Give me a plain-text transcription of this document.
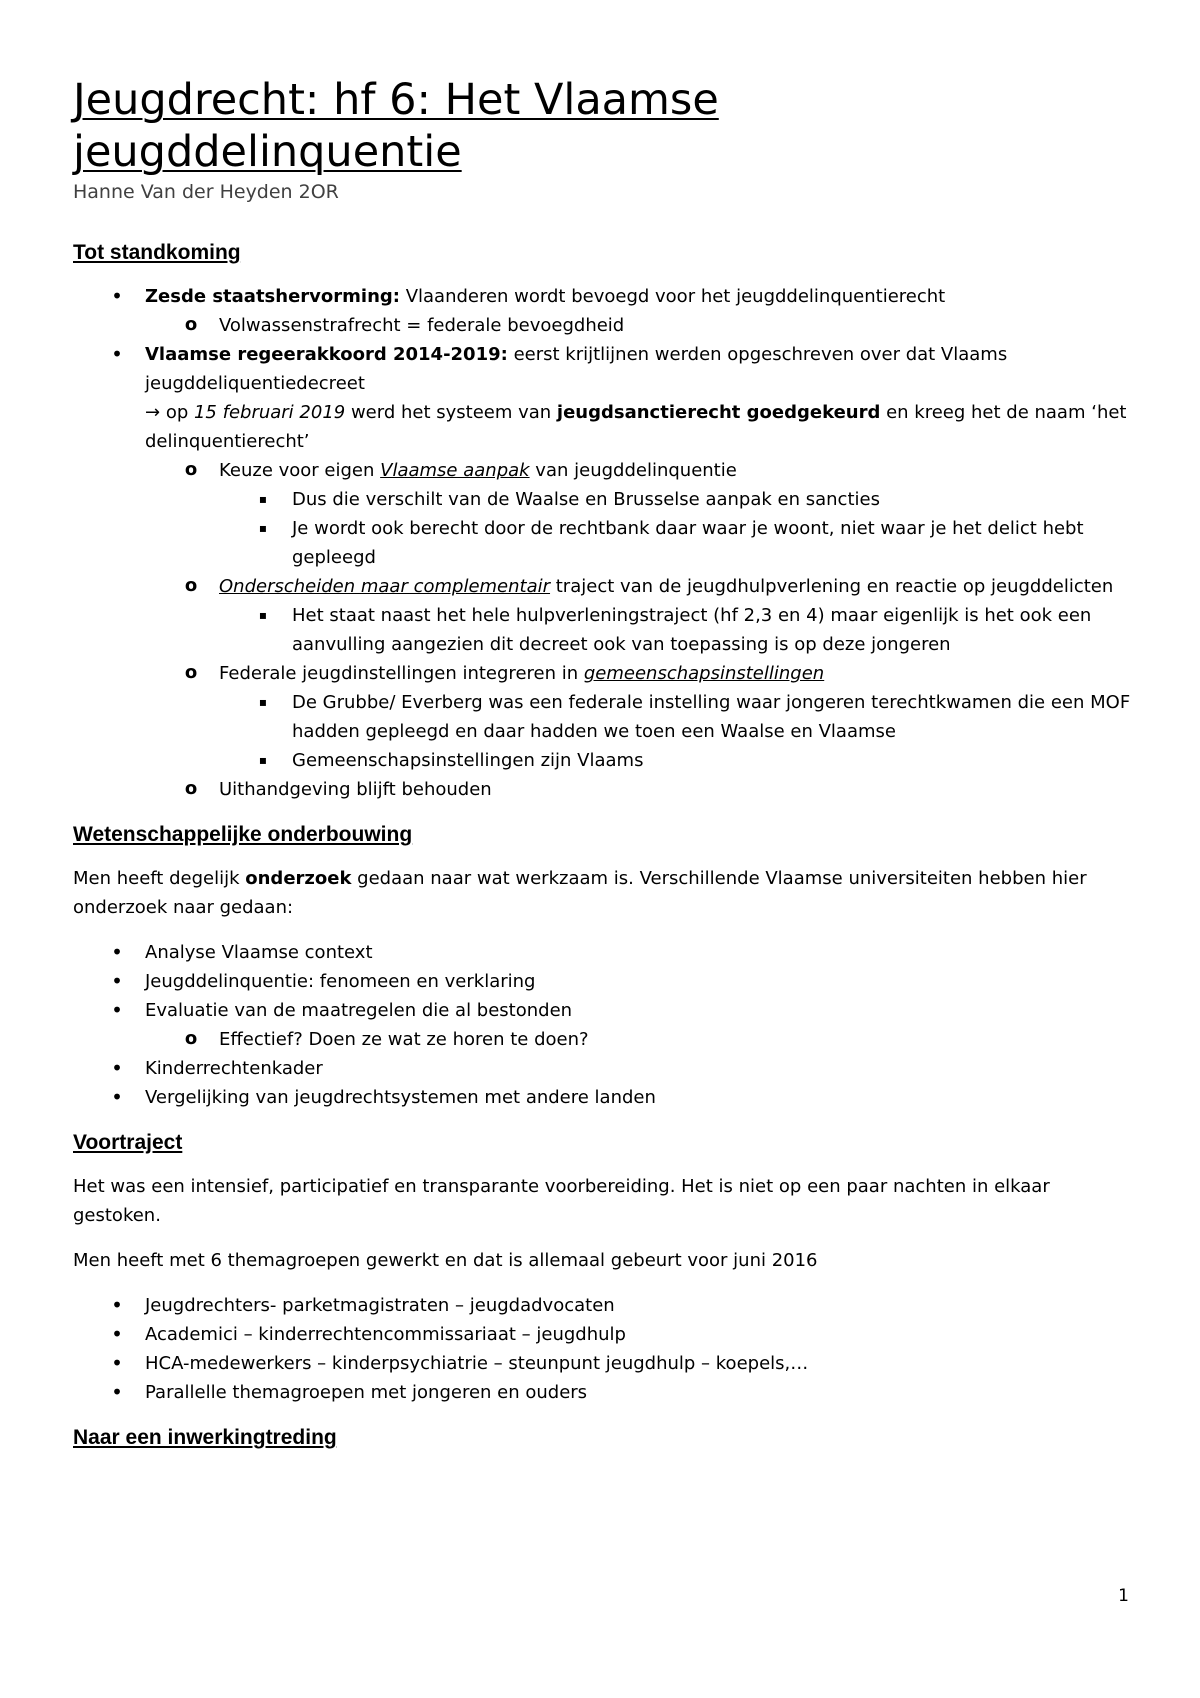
Jeugdrecht: hf 6: Het Vlaamse
jeugddelinquentie
Hanne Van der Heyden 2OR
Tot standkoming
• Zesde staatshervorming: Vlaanderen wordt bevoegd voor het jeugddelinquentierecht
o Volwassenstrafrecht = federale bevoegdheid
• Vlaamse regeerakkoord 2014-2019: eerst krijtlijnen werden opgeschreven over dat Vlaams jeugddeliquentiedecreet
→ op 15 februari 2019 werd het systeem van jeugdsanctierecht goedgekeurd en kreeg het de naam ‘het delinquentierecht’
o Keuze voor eigen Vlaamse aanpak van jeugddelinquentie
▪	Dus die verschilt van de Waalse en Brusselse aanpak en sancties
▪	Je wordt ook berecht door de rechtbank daar waar je woont, niet waar je het delict hebt gepleegd
o Onderscheiden maar complementair traject van de jeugdhulpverlening en reactie op jeugddelicten
▪	Het staat naast het hele hulpverleningstraject (hf 2,3 en 4) maar eigenlijk is het ook een aanvulling aangezien dit decreet ook van toepassing is op deze jongeren
o Federale jeugdinstellingen integreren in gemeenschapsinstellingen
▪	De Grubbe/ Everberg was een federale instelling waar jongeren terechtkwamen die een MOF hadden gepleegd en daar hadden we toen een Waalse en Vlaamse
▪	Gemeenschapsinstellingen zijn Vlaams
o Uithandgeving blijft behouden
Wetenschappelijke onderbouwing

Men heeft degelijk onderzoek gedaan naar wat werkzaam is. Verschillende Vlaamse universiteiten hebben hier onderzoek naar gedaan:

• Analyse Vlaamse context
• Jeugddelinquentie: fenomeen en verklaring
• Evaluatie van de maatregelen die al bestonden
o Effectief? Doen ze wat ze horen te doen?
• Kinderrechtenkader
• Vergelijking van jeugdrechtsystemen met andere landen
Voortraject

Het was een intensief, participatief en transparante voorbereiding. Het is niet op een paar nachten in elkaar gestoken.

Men heeft met 6 themagroepen gewerkt en dat is allemaal gebeurt voor juni 2016

• Jeugdrechters- parketmagistraten – jeugdadvocaten
• Academici – kinderrechtencommissariaat – jeugdhulp
• HCA-medewerkers – kinderpsychiatrie – steunpunt jeugdhulp – koepels,…
• Parallelle themagroepen met jongeren en ouders
Naar een inwerkingtreding
1
